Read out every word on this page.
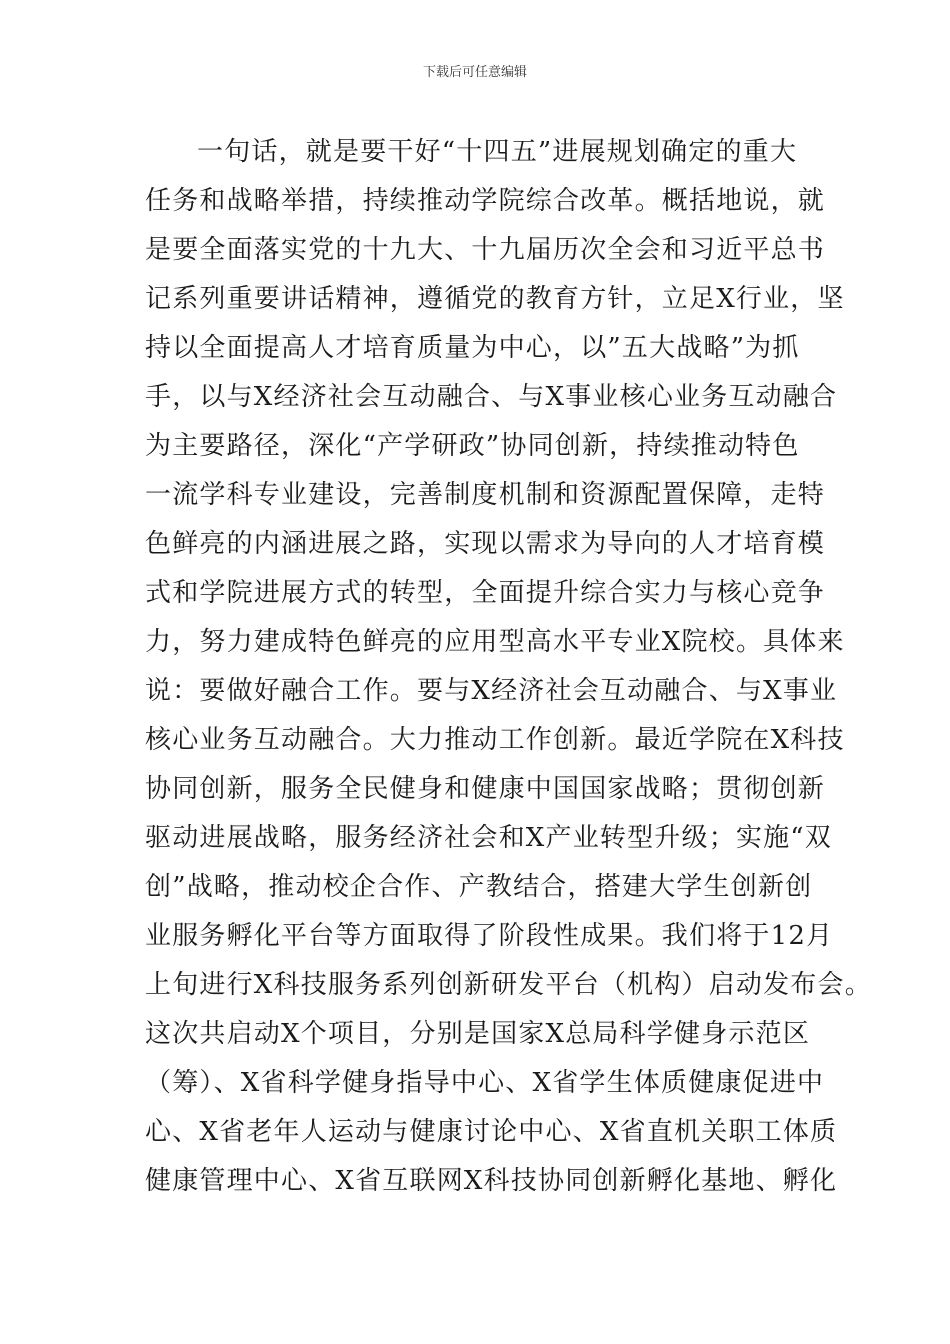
下载后可任意编辑
一句话，就是要干好“十四五”进展规划确定的重大
任务和战略举措，持续推动学院综合改革。概括地说，就
是要全面落实党的十九大、十九届历次全会和习近平总书
记系列重要讲话精神，遵循党的教育方针，立足X行业，坚
持以全面提高人才培育质量为中心，以”五大战略”为抓
手，以与X经济社会互动融合、与X事业核心业务互动融合
为主要路径，深化“产学研政”协同创新，持续推动特色
一流学科专业建设，完善制度机制和资源配置保障，走特
色鲜亮的内涵进展之路，实现以需求为导向的人才培育模
式和学院进展方式的转型，全面提升综合实力与核心竞争
力，努力建成特色鲜亮的应用型高水平专业X院校。具体来
说：要做好融合工作。要与X经济社会互动融合、与X事业
核心业务互动融合。大力推动工作创新。最近学院在X科技
协同创新，服务全民健身和健康中国国家战略；贯彻创新
驱动进展战略，服务经济社会和X产业转型升级；实施“双
创”战略，推动校企合作、产教结合，搭建大学生创新创
业服务孵化平台等方面取得了阶段性成果。我们将于12月
上旬进行X科技服务系列创新研发平台（机构）启动发布会。
这次共启动X个项目，分别是国家X总局科学健身示范区
（筹）、X省科学健身指导中心、X省学生体质健康促进中
心、X省老年人运动与健康讨论中心、X省直机关职工体质
健康管理中心、X省互联网X科技协同创新孵化基地、孵化
